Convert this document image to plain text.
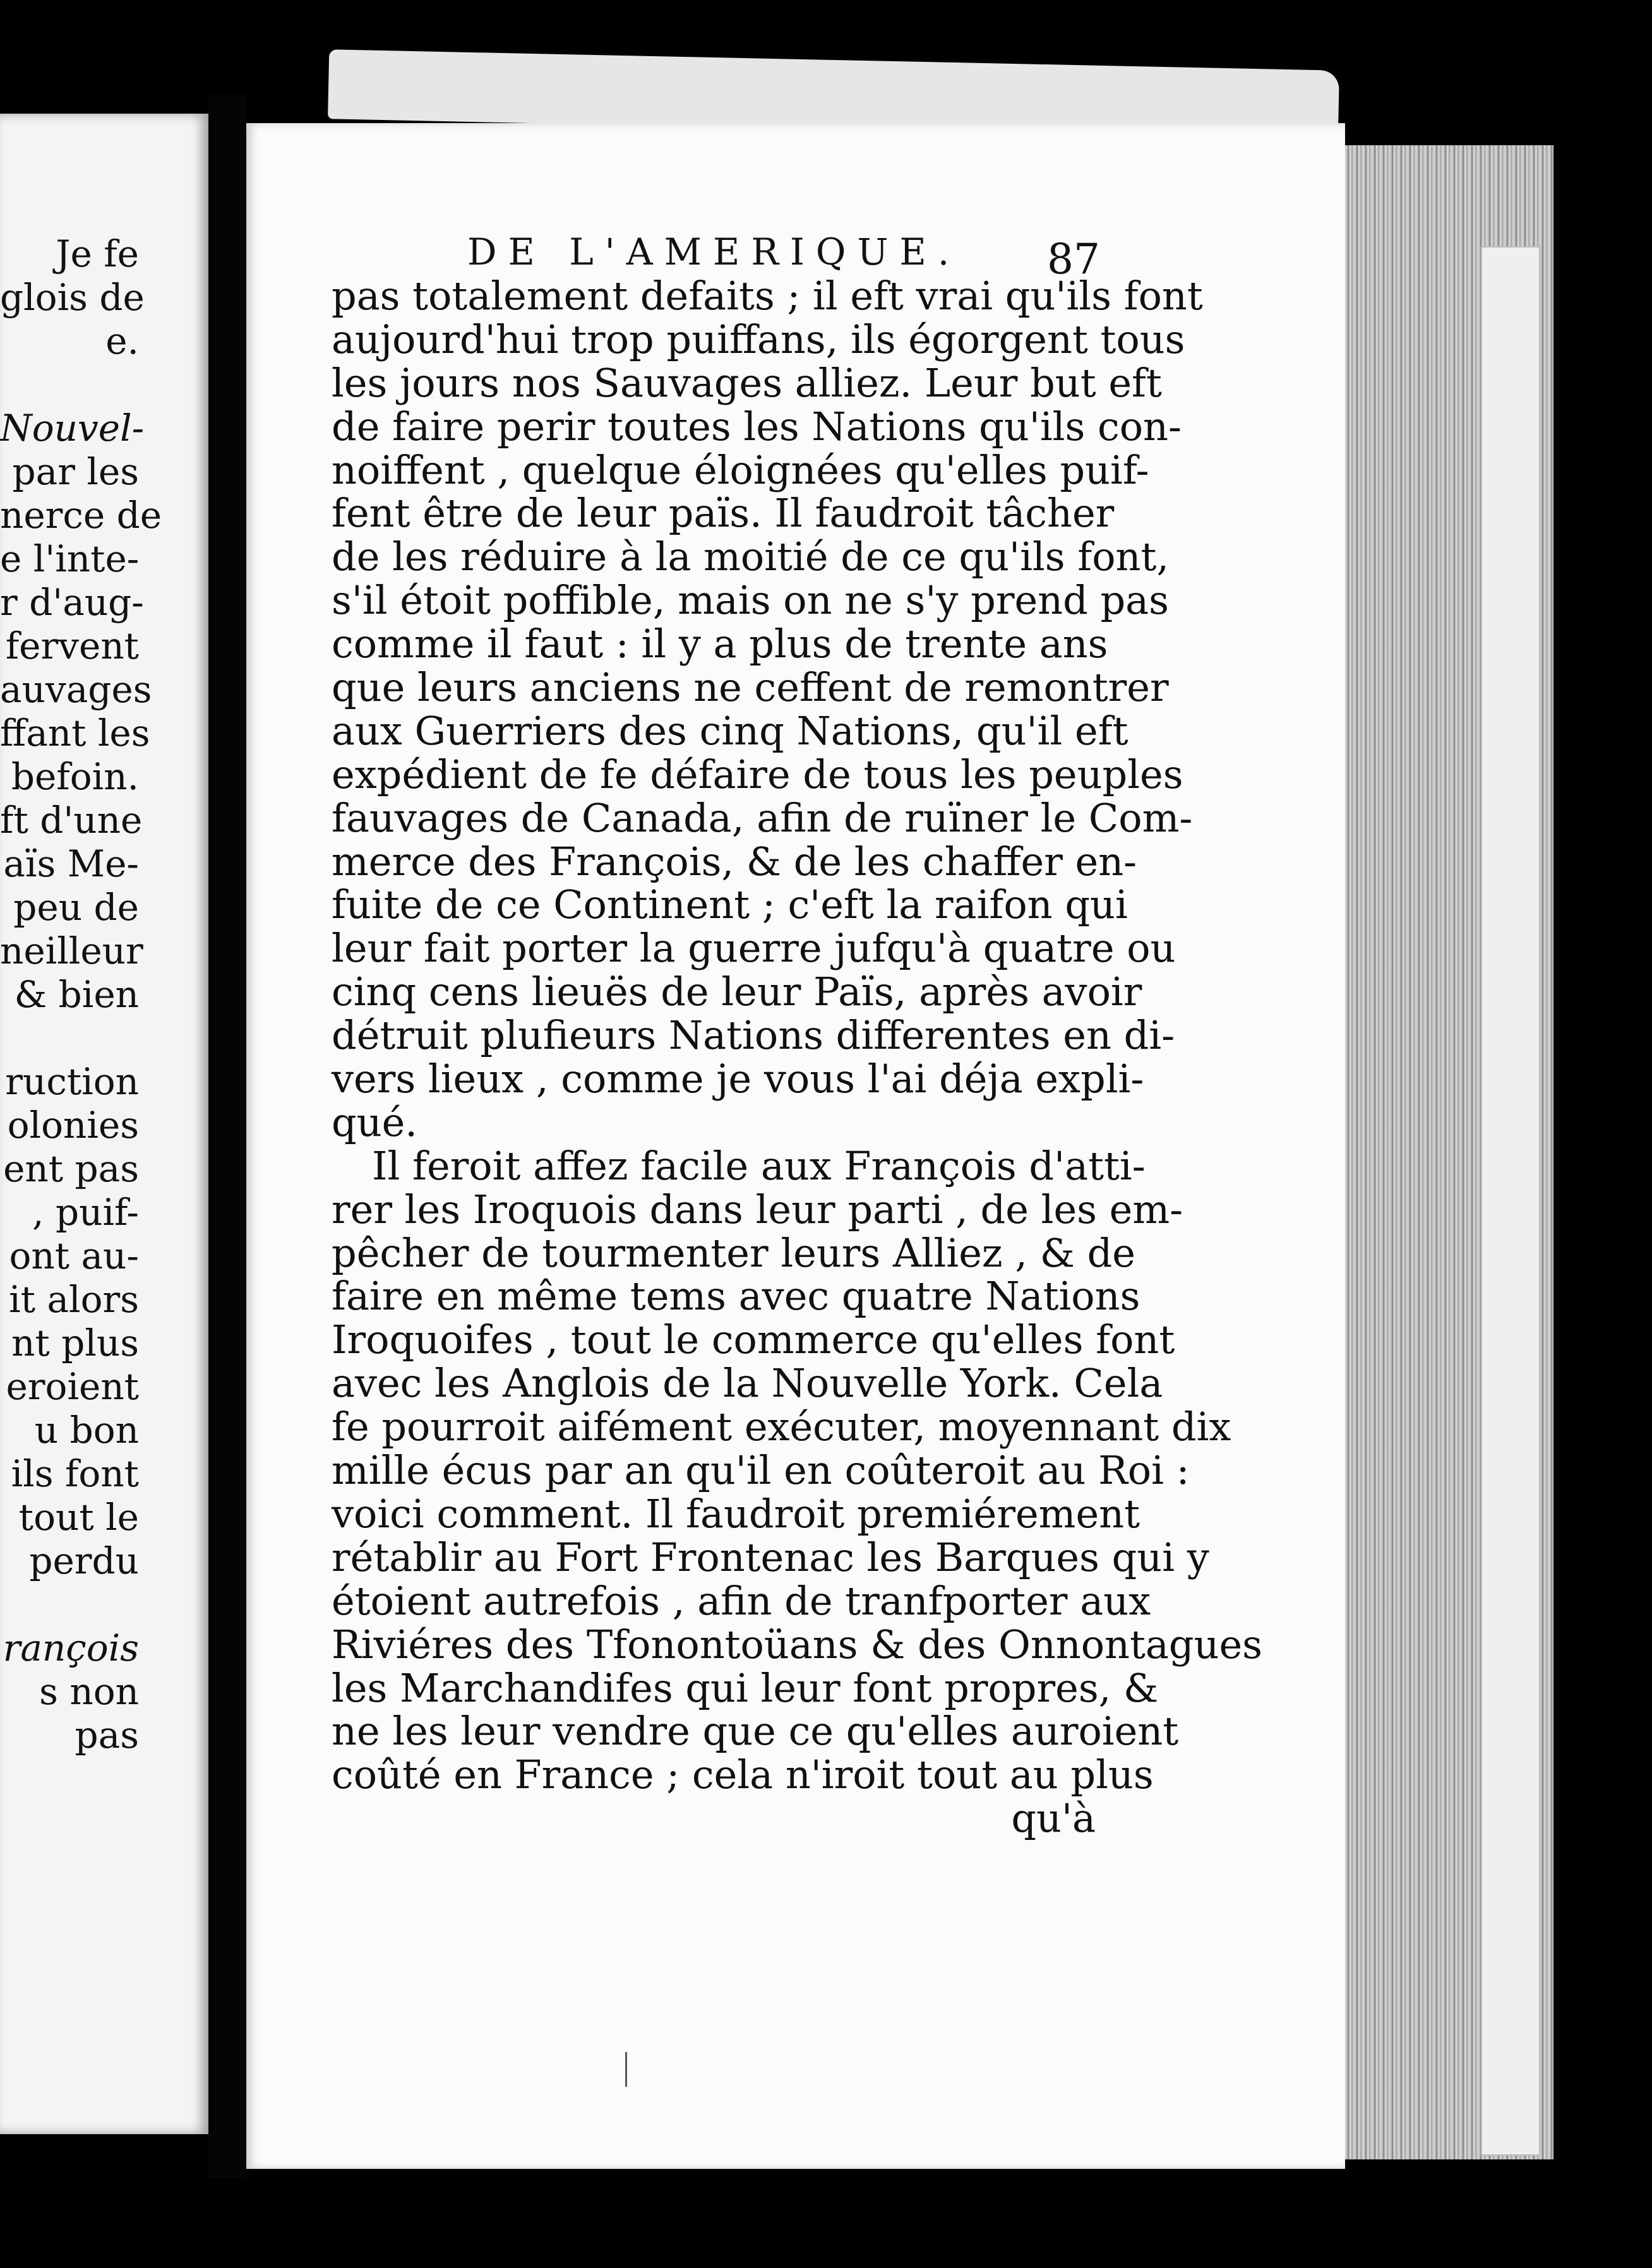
Je fe
glois de
e.
Nouvel-
par les
nerce de
e l'inte-
r d'aug-
fervent
auvages
ffant les
befoin.
ft d'une
aïs Me-
peu de
neilleur
& bien
ruction
olonies
ent pas
, puif-
ont au-
it alors
nt plus
eroient
u bon
ils font
tout le
perdu
rançois
s non
pas
DE L'AMERIQUE.	87
pas totalement defaits ; il eft vrai qu'ils font
aujourd'hui trop puiffans, ils égorgent tous
les jours nos Sauvages alliez. Leur but eft
de faire perir toutes les Nations qu'ils con-
noiffent , quelque éloignées qu'elles puif-
fent être de leur païs. Il faudroit tâcher
de les réduire à la moitié de ce qu'ils font,
s'il étoit poffible, mais on ne s'y prend pas
comme il faut : il y a plus de trente ans
que leurs anciens ne ceffent de remontrer
aux Guerriers des cinq Nations, qu'il eft
expédient de fe défaire de tous les peuples
fauvages de Canada, afin de ruïner le Com-
merce des François, & de les chaffer en-
fuite de ce Continent ; c'eft la raifon qui
leur fait porter la guerre jufqu'à quatre ou
cinq cens lieuës de leur Païs, après avoir
détruit plufieurs Nations differentes en di-
vers lieux , comme je vous l'ai déja expli-
qué.
Il feroit affez facile aux François d'atti-
rer les Iroquois dans leur parti , de les em-
pêcher de tourmenter leurs Alliez , & de
faire en même tems avec quatre Nations
Iroquoifes , tout le commerce qu'elles font
avec les Anglois de la Nouvelle York. Cela
fe pourroit aifément exécuter, moyennant dix
mille écus par an qu'il en coûteroit au Roi :
voici comment. Il faudroit premiérement
rétablir au Fort Frontenac les Barques qui y
étoient autrefois , afin de tranfporter aux
Riviéres des Tfonontoüans & des Onnontagues
les Marchandifes qui leur font propres, &
ne les leur vendre que ce qu'elles auroient
coûté en France ; cela n'iroit tout au plus
qu'à
